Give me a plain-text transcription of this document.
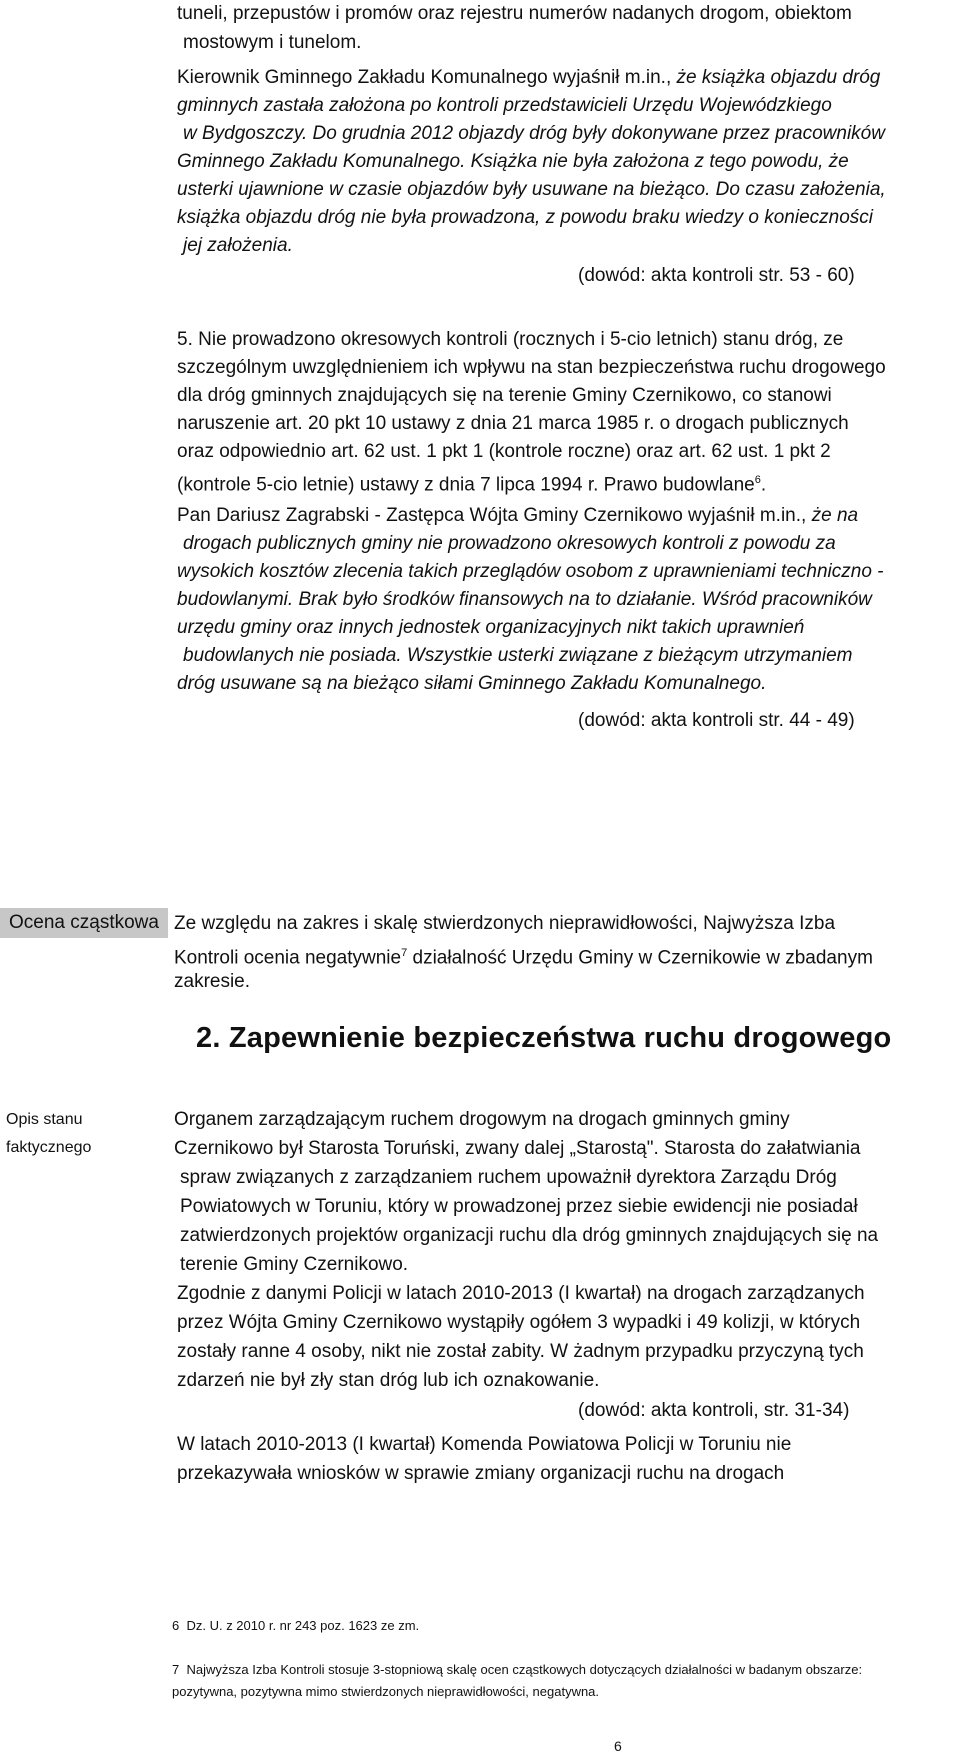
tuneli, przepustów i promów oraz rejestru numerów nadanych drogom, obiektom
mostowym i tunelom.
Kierownik Gminnego Zakładu Komunalnego wyjaśnił m.in., że książka objazdu dróg
gminnych zastała założona po kontroli przedstawicieli Urzędu Wojewódzkiego
w Bydgoszczy. Do grudnia 2012 objazdy dróg były dokonywane przez pracowników
Gminnego Zakładu Komunalnego. Książka nie była założona z tego powodu, że
usterki ujawnione w czasie objazdów były usuwane na bieżąco. Do czasu założenia,
książka objazdu dróg nie była prowadzona, z powodu braku wiedzy o konieczności
jej założenia.
(dowód: akta kontroli str. 53 - 60)
5. Nie prowadzono okresowych kontroli (rocznych i 5-cio letnich) stanu dróg, ze
szczególnym uwzględnieniem ich wpływu na stan bezpieczeństwa ruchu drogowego
dla dróg gminnych znajdujących się na terenie Gminy Czernikowo, co stanowi
naruszenie art. 20 pkt 10 ustawy z dnia 21 marca 1985 r. o drogach publicznych
oraz odpowiednio art. 62 ust. 1 pkt 1 (kontrole roczne) oraz art. 62 ust. 1 pkt 2
(kontrole 5-cio letnie) ustawy z dnia 7 lipca 1994 r. Prawo budowlane$^6$.
Pan Dariusz Zagrabski - Zastępca Wójta Gminy Czernikowo wyjaśnił m.in., że na
drogach publicznych gminy nie prowadzono okresowych kontroli z powodu za
wysokich kosztów zlecenia takich przeglądów osobom z uprawnieniami techniczno -
budowlanymi. Brak było środków finansowych na to działanie. Wśród pracowników
urzędu gminy oraz innych jednostek organizacyjnych nikt takich uprawnień
budowlanych nie posiada. Wszystkie usterki związane z bieżącym utrzymaniem
dróg usuwane są na bieżąco siłami Gminnego Zakładu Komunalnego.
(dowód: akta kontroli str. 44 - 49)
Ocena cząstkowa Ze względu na zakres i skalę stwierdzonych nieprawidłowości, Najwyższa Izba
Kontroli ocenia negatywnie$^7$ działalność Urzędu Gminy w Czernikowie w zbadanym
zakresie.
2. Zapewnienie bezpieczeństwa ruchu drogowego
Opis stanu
faktycznego
Organem zarządzającym ruchem drogowym na drogach gminnych gminy
Czernikowo był Starosta Toruński, zwany dalej „Starostą". Starosta do załatwiania
spraw związanych z zarządzaniem ruchem upoważnił dyrektora Zarządu Dróg
Powiatowych w Toruniu, który w prowadzonej przez siebie ewidencji nie posiadał
zatwierdzonych projektów organizacji ruchu dla dróg gminnych znajdujących się na
terenie Gminy Czernikowo.
Zgodnie z danymi Policji w latach 2010-2013 (I kwartał) na drogach zarządzanych
przez Wójta Gminy Czernikowo wystąpiły ogółem 3 wypadki i 49 kolizji, w których
zostały ranne 4 osoby, nikt nie został zabity. W żadnym przypadku przyczyną tych
zdarzeń nie był zły stan dróg lub ich oznakowanie.
(dowód: akta kontroli, str. 31-34)
W latach 2010-2013 (I kwartał) Komenda Powiatowa Policji w Toruniu nie
przekazywała wniosków w sprawie zmiany organizacji ruchu na drogach
6 Dz. U. z 2010 r. nr 243 poz. 1623 ze zm.
7 Najwyższa Izba Kontroli stosuje 3-stopniową skalę ocen cząstkowych dotyczących działalności w badanym obszarze:
pozytywna, pozytywna mimo stwierdzonych nieprawidłowości, negatywna.
6
